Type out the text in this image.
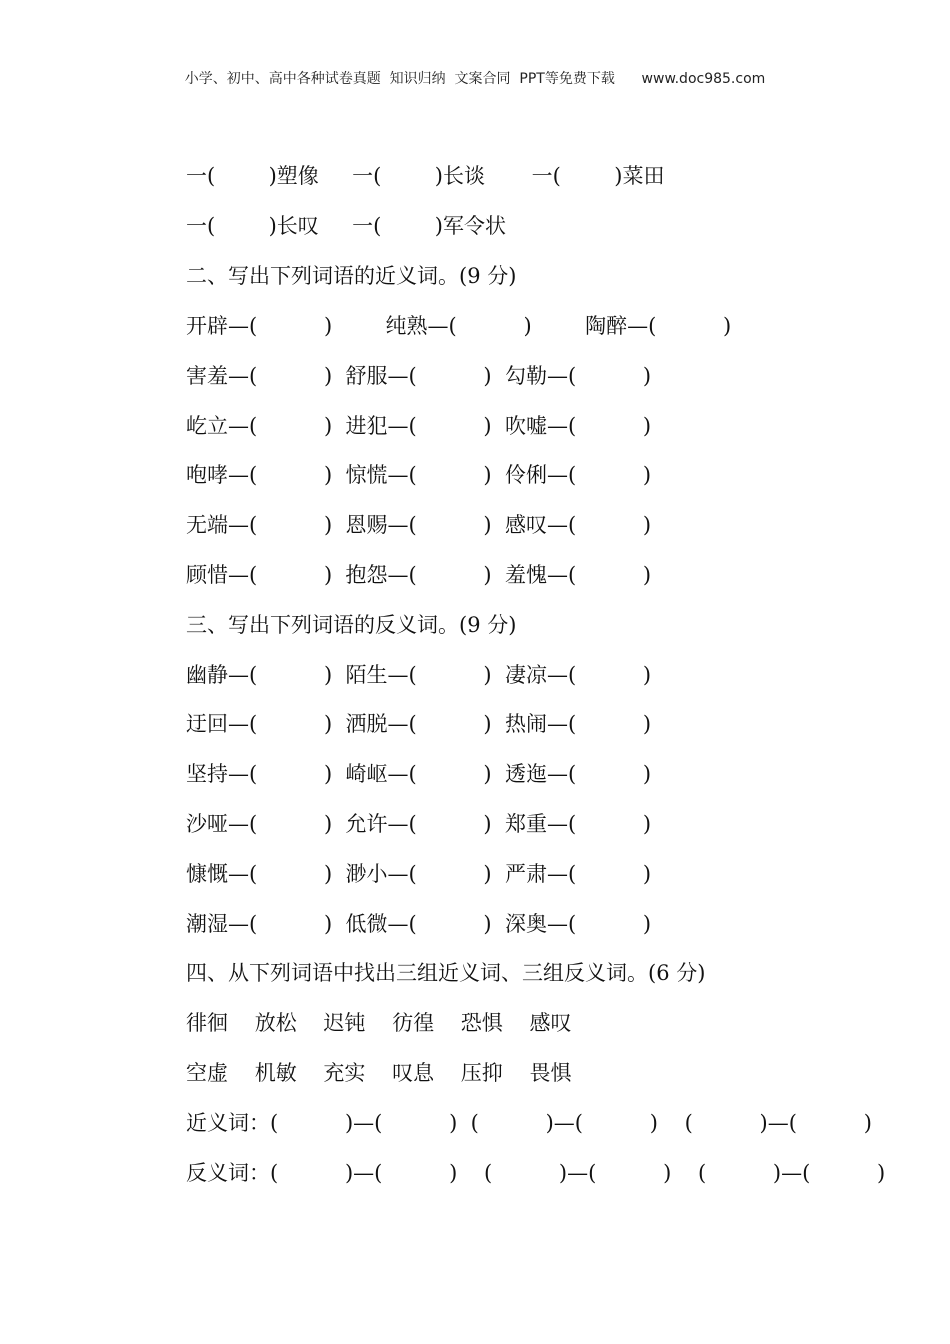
小学、初中、高中各种试卷真题  知识归纳  文案合同  PPT等免费下载      www.doc985.com
一(        )塑像     一(        )长谈       一(        )菜田
一(        )长叹     一(        )军令状
二、写出下列词语的近义词。(9 分)
开辟—(          )        纯熟—(          )        陶醉—(          )
害羞—(          )  舒服—(          )  勾勒—(          )
屹立—(          )  进犯—(          )  吹嘘—(          )
咆哮—(          )  惊慌—(          )  伶俐—(          )
无端—(          )  恩赐—(          )  感叹—(          )
顾惜—(          )  抱怨—(          )  羞愧—(          )
三、写出下列词语的反义词。(9 分)
幽静—(          )  陌生—(          )  凄凉—(          )
迂回—(          )  洒脱—(          )  热闹—(          )
坚持—(          )  崎岖—(          )  透迤—(          )
沙哑—(          )  允许—(          )  郑重—(          )
慷慨—(          )  渺小—(          )  严肃—(          )
潮湿—(          )  低微—(          )  深奥—(          )
四、从下列词语中找出三组近义词、三组反义词。(6 分)
徘徊    放松    迟钝    彷徨    恐惧    感叹
空虚    机敏    充实    叹息    压抑    畏惧
近义词：(          )—(          )  (          )—(          )    (          )—(          )
反义词：(          )—(          )    (          )—(          )    (          )—(          )
